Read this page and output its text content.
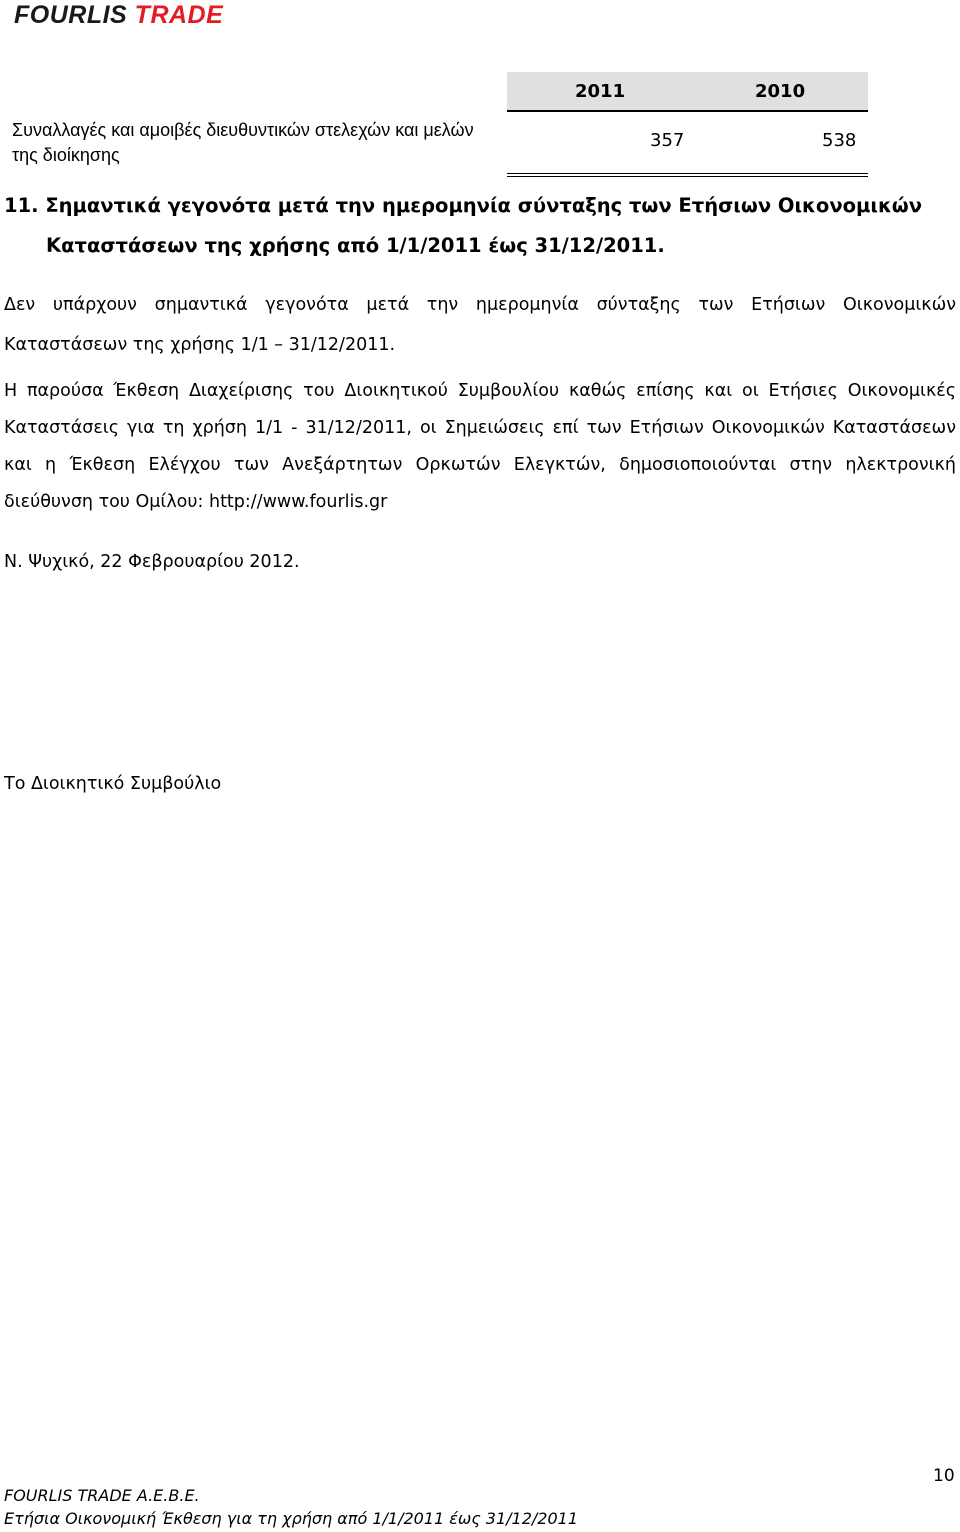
FOURLIS TRADE
2011	2010
Συναλλαγές και αμοιβές διευθυντικών στελεχών και μελών της διοίκησης
357	538
11. Σημαντικά γεγονότα μετά την ημερομηνία σύνταξης των Ετήσιων Οικονομικών
Καταστάσεων της χρήσης από 1/1/2011 έως 31/12/2011.
Δεν υπάρχουν σημαντικά γεγονότα μετά την ημερομηνία σύνταξης των Ετήσιων Οικονομικών Καταστάσεων της χρήσης 1/1 – 31/12/2011.
Η παρούσα Έκθεση Διαχείρισης του Διοικητικού Συμβουλίου καθώς επίσης και οι Ετήσιες Οικονομικές Καταστάσεις για τη χρήση 1/1 - 31/12/2011, οι Σημειώσεις επί των Ετήσιων Οικονομικών Καταστάσεων και η Έκθεση Ελέγχου των Ανεξάρτητων Ορκωτών Ελεγκτών, δημοσιοποιούνται στην ηλεκτρονική διεύθυνση του Ομίλου: http://www.fourlis.gr
Ν. Ψυχικό, 22 Φεβρουαρίου 2012.
Το Διοικητικό Συμβούλιο
10
FOURLIS TRADE A.E.B.E.
Ετήσια Οικονομική Έκθεση για τη χρήση από 1/1/2011 έως 31/12/2011
